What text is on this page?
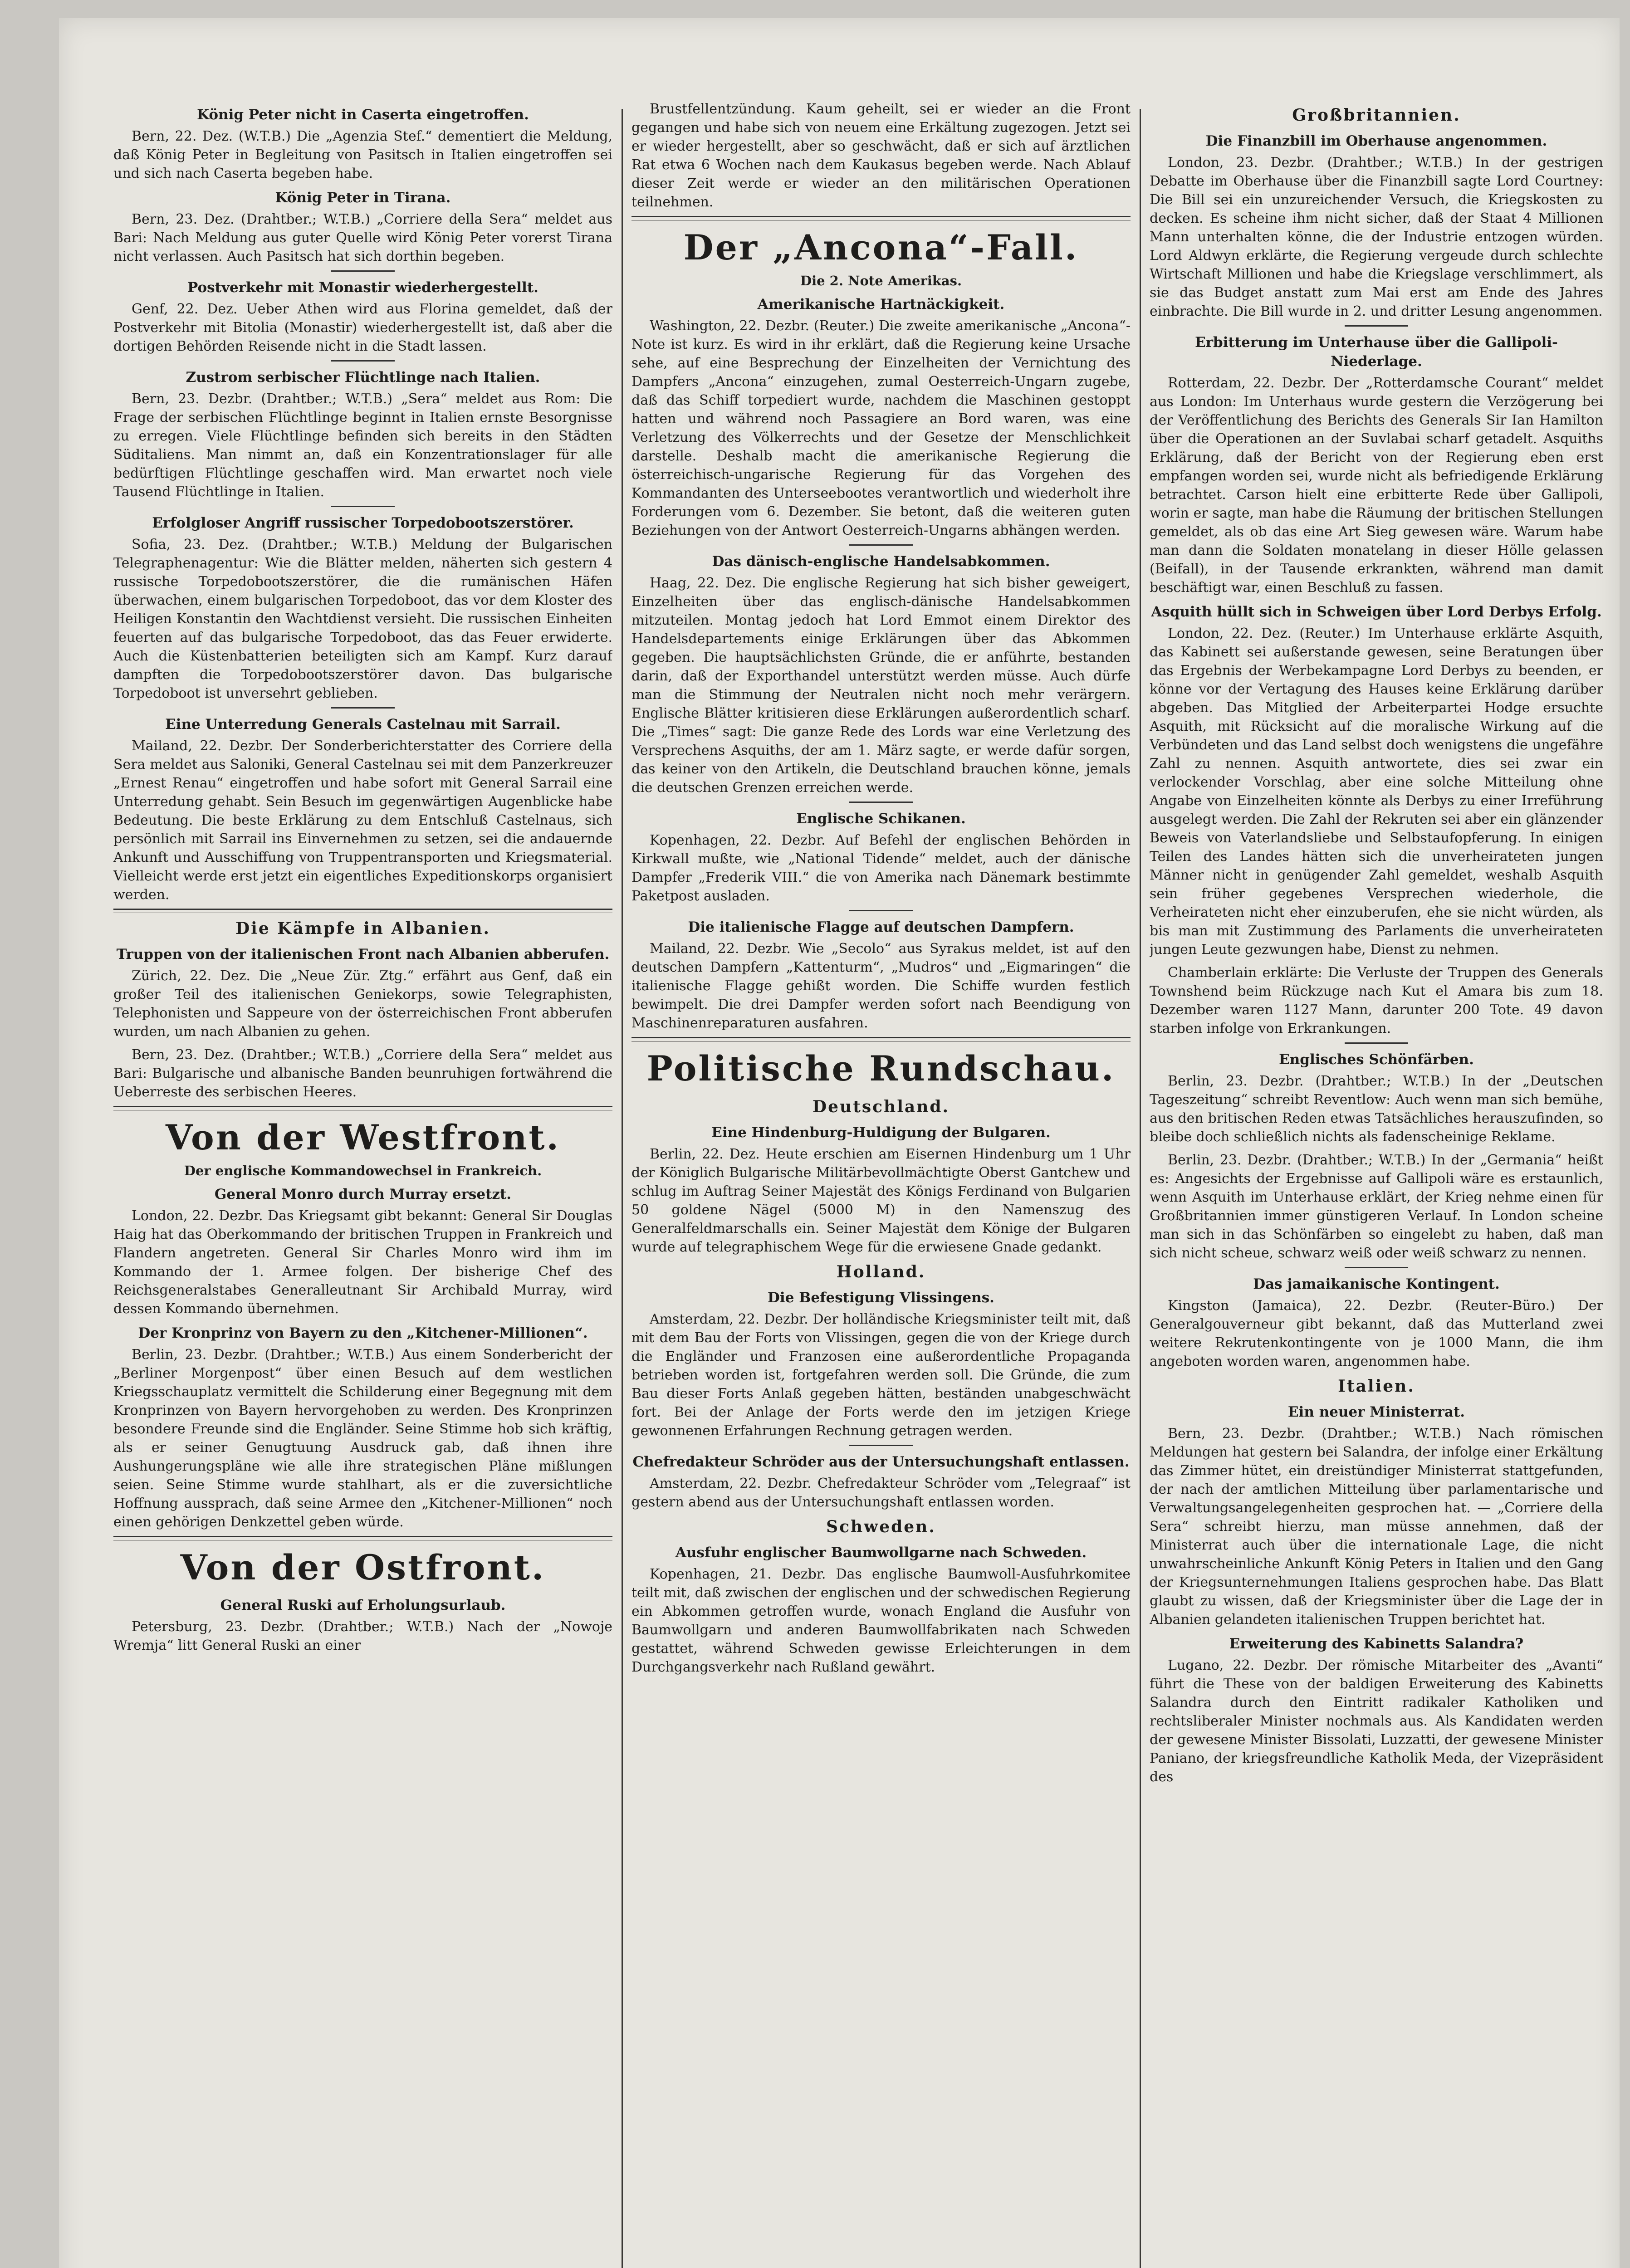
König Peter nicht in Caserta eingetroffen.

Bern, 22. Dez. (W.T.B.) Die „Agenzia Stef.“ dementiert die Meldung, daß König Peter in Begleitung von Pasitsch in Italien eingetroffen sei und sich nach Caserta begeben habe.

König Peter in Tirana.

Bern, 23. Dez. (Drahtber.; W.T.B.) „Corriere della Sera“ meldet aus Bari: Nach Meldung aus guter Quelle wird König Peter vorerst Tirana nicht verlassen. Auch Pasitsch hat sich dorthin begeben.

Postverkehr mit Monastir wiederhergestellt.

Genf, 22. Dez. Ueber Athen wird aus Florina gemeldet, daß der Postverkehr mit Bitolia (Monastir) wiederhergestellt ist, daß aber die dortigen Behörden Reisende nicht in die Stadt lassen.

Zustrom serbischer Flüchtlinge nach Italien.

Bern, 23. Dezbr. (Drahtber.; W.T.B.) „Sera“ meldet aus Rom: Die Frage der serbischen Flüchtlinge beginnt in Italien ernste Besorgnisse zu erregen. Viele Flüchtlinge befinden sich bereits in den Städten Süditaliens. Man nimmt an, daß ein Konzentrationslager für alle bedürftigen Flüchtlinge geschaffen wird. Man erwartet noch viele Tausend Flüchtlinge in Italien.

Erfolgloser Angriff russischer Torpedobootszerstörer.

Sofia, 23. Dez. (Drahtber.; W.T.B.) Meldung der Bulgarischen Telegraphenagentur: Wie die Blätter melden, näherten sich gestern 4 russische Torpedobootszerstörer, die die rumänischen Häfen überwachen, einem bulgarischen Torpedoboot, das vor dem Kloster des Heiligen Konstantin den Wachtdienst versieht. Die russischen Einheiten feuerten auf das bulgarische Torpedoboot, das das Feuer erwiderte. Auch die Küstenbatterien beteiligten sich am Kampf. Kurz darauf dampften die Torpedobootszerstörer davon. Das bulgarische Torpedoboot ist unversehrt geblieben.

Eine Unterredung Generals Castelnau mit Sarrail.

Mailand, 22. Dezbr. Der Sonderberichterstatter des Corriere della Sera meldet aus Saloniki, General Castelnau sei mit dem Panzerkreuzer „Ernest Renau“ eingetroffen und habe sofort mit General Sarrail eine Unterredung gehabt. Sein Besuch im gegenwärtigen Augenblicke habe Bedeutung. Die beste Erklärung zu dem Entschluß Castelnaus, sich persönlich mit Sarrail ins Einvernehmen zu setzen, sei die andauernde Ankunft und Ausschiffung von Truppentransporten und Kriegsmaterial. Vielleicht werde erst jetzt ein eigentliches Expeditionskorps organisiert werden.

Die Kämpfe in Albanien.
Truppen von der italienischen Front nach Albanien abberufen.

Zürich, 22. Dez. Die „Neue Zür. Ztg.“ erfährt aus Genf, daß ein großer Teil des italienischen Geniekorps, sowie Telegraphisten, Telephonisten und Sappeure von der österreichischen Front abberufen wurden, um nach Albanien zu gehen.

Bern, 23. Dez. (Drahtber.; W.T.B.) „Corriere della Sera“ meldet aus Bari: Bulgarische und albanische Banden beunruhigen fortwährend die Ueberreste des serbischen Heeres.

Von der Westfront.
Der englische Kommandowechsel in Frankreich.
General Monro durch Murray ersetzt.

London, 22. Dezbr. Das Kriegsamt gibt bekannt: General Sir Douglas Haig hat das Oberkommando der britischen Truppen in Frankreich und Flandern angetreten. General Sir Charles Monro wird ihm im Kommando der 1. Armee folgen. Der bisherige Chef des Reichsgeneralstabes Generalleutnant Sir Archibald Murray, wird dessen Kommando übernehmen.

Der Kronprinz von Bayern zu den „Kitchener-Millionen“.

Berlin, 23. Dezbr. (Drahtber.; W.T.B.) Aus einem Sonderbericht der „Berliner Morgenpost“ über einen Besuch auf dem westlichen Kriegsschauplatz vermittelt die Schilderung einer Begegnung mit dem Kronprinzen von Bayern hervorgehoben zu werden. Des Kronprinzen besondere Freunde sind die Engländer. Seine Stimme hob sich kräftig, als er seiner Genugtuung Ausdruck gab, daß ihnen ihre Aushungerungspläne wie alle ihre strategischen Pläne mißlungen seien. Seine Stimme wurde stahlhart, als er die zuversichtliche Hoffnung aussprach, daß seine Armee den „Kitchener-Millionen“ noch einen gehörigen Denkzettel geben würde.

Von der Ostfront.
General Ruski auf Erholungsurlaub.

Petersburg, 23. Dezbr. (Drahtber.; W.T.B.) Nach der „Nowoje Wremja“ litt General Ruski an einer

Brustfellentzündung. Kaum geheilt, sei er wieder an die Front gegangen und habe sich von neuem eine Erkältung zugezogen. Jetzt sei er wieder hergestellt, aber so geschwächt, daß er sich auf ärztlichen Rat etwa 6 Wochen nach dem Kaukasus begeben werde. Nach Ablauf dieser Zeit werde er wieder an den militärischen Operationen teilnehmen.

Der „Ancona“-Fall.
Die 2. Note Amerikas.
Amerikanische Hartnäckigkeit.

Washington, 22. Dezbr. (Reuter.) Die zweite amerikanische „Ancona“-Note ist kurz. Es wird in ihr erklärt, daß die Regierung keine Ursache sehe, auf eine Besprechung der Einzelheiten der Vernichtung des Dampfers „Ancona“ einzugehen, zumal Oesterreich-Ungarn zugebe, daß das Schiff torpediert wurde, nachdem die Maschinen gestoppt hatten und während noch Passagiere an Bord waren, was eine Verletzung des Völkerrechts und der Gesetze der Menschlichkeit darstelle. Deshalb macht die amerikanische Regierung die österreichisch-ungarische Regierung für das Vorgehen des Kommandanten des Unterseebootes verantwortlich und wiederholt ihre Forderungen vom 6. Dezember. Sie betont, daß die weiteren guten Beziehungen von der Antwort Oesterreich-Ungarns abhängen werden.

Das dänisch-englische Handelsabkommen.

Haag, 22. Dez. Die englische Regierung hat sich bisher geweigert, Einzelheiten über das englisch-dänische Handelsabkommen mitzuteilen. Montag jedoch hat Lord Emmot einem Direktor des Handelsdepartements einige Erklärungen über das Abkommen gegeben. Die hauptsächlichsten Gründe, die er anführte, bestanden darin, daß der Exporthandel unterstützt werden müsse. Auch dürfe man die Stimmung der Neutralen nicht noch mehr verärgern. Englische Blätter kritisieren diese Erklärungen außerordentlich scharf. Die „Times“ sagt: Die ganze Rede des Lords war eine Verletzung des Versprechens Asquiths, der am 1. März sagte, er werde dafür sorgen, das keiner von den Artikeln, die Deutschland brauchen könne, jemals die deutschen Grenzen erreichen werde.

Englische Schikanen.

Kopenhagen, 22. Dezbr. Auf Befehl der englischen Behörden in Kirkwall mußte, wie „National Tidende“ meldet, auch der dänische Dampfer „Frederik VIII.“ die von Amerika nach Dänemark bestimmte Paketpost ausladen.

Die italienische Flagge auf deutschen Dampfern.

Mailand, 22. Dezbr. Wie „Secolo“ aus Syrakus meldet, ist auf den deutschen Dampfern „Kattenturm“, „Mudros“ und „Eigmaringen“ die italienische Flagge gehißt worden. Die Schiffe wurden festlich bewimpelt. Die drei Dampfer werden sofort nach Beendigung von Maschinenreparaturen ausfahren.

Politische Rundschau.
Deutschland.
Eine Hindenburg-Huldigung der Bulgaren.

Berlin, 22. Dez. Heute erschien am Eisernen Hindenburg um 1 Uhr der Königlich Bulgarische Militärbevollmächtigte Oberst Gantchew und schlug im Auftrag Seiner Majestät des Königs Ferdinand von Bulgarien 50 goldene Nägel (5000 M) in den Namenszug des Generalfeldmarschalls ein. Seiner Majestät dem Könige der Bulgaren wurde auf telegraphischem Wege für die erwiesene Gnade gedankt.

Holland.
Die Befestigung Vlissingens.

Amsterdam, 22. Dezbr. Der holländische Kriegsminister teilt mit, daß mit dem Bau der Forts von Vlissingen, gegen die von der Kriege durch die Engländer und Franzosen eine außerordentliche Propaganda betrieben worden ist, fortgefahren werden soll. Die Gründe, die zum Bau dieser Forts Anlaß gegeben hätten, beständen unabgeschwächt fort. Bei der Anlage der Forts werde den im jetzigen Kriege gewonnenen Erfahrungen Rechnung getragen werden.

Chefredakteur Schröder aus der Untersuchungshaft entlassen.

Amsterdam, 22. Dezbr. Chefredakteur Schröder vom „Telegraaf“ ist gestern abend aus der Untersuchungshaft entlassen worden.

Schweden.
Ausfuhr englischer Baumwollgarne nach Schweden.

Kopenhagen, 21. Dezbr. Das englische Baumwoll-Ausfuhrkomitee teilt mit, daß zwischen der englischen und der schwedischen Regierung ein Abkommen getroffen wurde, wonach England die Ausfuhr von Baumwollgarn und anderen Baumwollfabrikaten nach Schweden gestattet, während Schweden gewisse Erleichterungen in dem Durchgangsverkehr nach Rußland gewährt.

Großbritannien.
Die Finanzbill im Oberhause angenommen.

London, 23. Dezbr. (Drahtber.; W.T.B.) In der gestrigen Debatte im Oberhause über die Finanzbill sagte Lord Courtney: Die Bill sei ein unzureichender Versuch, die Kriegskosten zu decken. Es scheine ihm nicht sicher, daß der Staat 4 Millionen Mann unterhalten könne, die der Industrie entzogen würden. Lord Aldwyn erklärte, die Regierung vergeude durch schlechte Wirtschaft Millionen und habe die Kriegslage verschlimmert, als sie das Budget anstatt zum Mai erst am Ende des Jahres einbrachte. Die Bill wurde in 2. und dritter Lesung angenommen.

Erbitterung im Unterhause über die Gallipoli-Niederlage.

Rotterdam, 22. Dezbr. Der „Rotterdamsche Courant“ meldet aus London: Im Unterhaus wurde gestern die Verzögerung bei der Veröffentlichung des Berichts des Generals Sir Ian Hamilton über die Operationen an der Suvlabai scharf getadelt. Asquiths Erklärung, daß der Bericht von der Regierung eben erst empfangen worden sei, wurde nicht als befriedigende Erklärung betrachtet. Carson hielt eine erbitterte Rede über Gallipoli, worin er sagte, man habe die Räumung der britischen Stellungen gemeldet, als ob das eine Art Sieg gewesen wäre. Warum habe man dann die Soldaten monatelang in dieser Hölle gelassen (Beifall), in der Tausende erkrankten, während man damit beschäftigt war, einen Beschluß zu fassen.

Asquith hüllt sich in Schweigen über Lord Derbys Erfolg.

London, 22. Dez. (Reuter.) Im Unterhause erklärte Asquith, das Kabinett sei außerstande gewesen, seine Beratungen über das Ergebnis der Werbekampagne Lord Derbys zu beenden, er könne vor der Vertagung des Hauses keine Erklärung darüber abgeben. Das Mitglied der Arbeiterpartei Hodge ersuchte Asquith, mit Rücksicht auf die moralische Wirkung auf die Verbündeten und das Land selbst doch wenigstens die ungefähre Zahl zu nennen. Asquith antwortete, dies sei zwar ein verlockender Vorschlag, aber eine solche Mitteilung ohne Angabe von Einzelheiten könnte als Derbys zu einer Irreführung ausgelegt werden. Die Zahl der Rekruten sei aber ein glänzender Beweis von Vaterlandsliebe und Selbstaufopferung. In einigen Teilen des Landes hätten sich die unverheirateten jungen Männer nicht in genügender Zahl gemeldet, weshalb Asquith sein früher gegebenes Versprechen wiederhole, die Verheirateten nicht eher einzuberufen, ehe sie nicht würden, als bis man mit Zustimmung des Parlaments die unverheirateten jungen Leute gezwungen habe, Dienst zu nehmen.

Chamberlain erklärte: Die Verluste der Truppen des Generals Townshend beim Rückzuge nach Kut el Amara bis zum 18. Dezember waren 1127 Mann, darunter 200 Tote. 49 davon starben infolge von Erkrankungen.

Englisches Schönfärben.

Berlin, 23. Dezbr. (Drahtber.; W.T.B.) In der „Deutschen Tageszeitung“ schreibt Reventlow: Auch wenn man sich bemühe, aus den britischen Reden etwas Tatsächliches herauszufinden, so bleibe doch schließlich nichts als fadenscheinige Reklame.

Berlin, 23. Dezbr. (Drahtber.; W.T.B.) In der „Germania“ heißt es: Angesichts der Ergebnisse auf Gallipoli wäre es erstaunlich, wenn Asquith im Unterhause erklärt, der Krieg nehme einen für Großbritannien immer günstigeren Verlauf. In London scheine man sich in das Schönfärben so eingelebt zu haben, daß man sich nicht scheue, schwarz weiß oder weiß schwarz zu nennen.

Das jamaikanische Kontingent.

Kingston (Jamaica), 22. Dezbr. (Reuter-Büro.) Der Generalgouverneur gibt bekannt, daß das Mutterland zwei weitere Rekrutenkontingente von je 1000 Mann, die ihm angeboten worden waren, angenommen habe.

Italien.
Ein neuer Ministerrat.

Bern, 23. Dezbr. (Drahtber.; W.T.B.) Nach römischen Meldungen hat gestern bei Salandra, der infolge einer Erkältung das Zimmer hütet, ein dreistündiger Ministerrat stattgefunden, der nach der amtlichen Mitteilung über parlamentarische und Verwaltungsangelegenheiten gesprochen hat. — „Corriere della Sera“ schreibt hierzu, man müsse annehmen, daß der Ministerrat auch über die internationale Lage, die nicht unwahrscheinliche Ankunft König Peters in Italien und den Gang der Kriegsunternehmungen Italiens gesprochen habe. Das Blatt glaubt zu wissen, daß der Kriegsminister über die Lage der in Albanien gelandeten italienischen Truppen berichtet hat.

Erweiterung des Kabinetts Salandra?

Lugano, 22. Dezbr. Der römische Mitarbeiter des „Avanti“ führt die These von der baldigen Erweiterung des Kabinetts Salandra durch den Eintritt radikaler Katholiken und rechtsliberaler Minister nochmals aus. Als Kandidaten werden der gewesene Minister Bissolati, Luzzatti, der gewesene Minister Paniano, der kriegsfreundliche Katholik Meda, der Vizepräsident des
